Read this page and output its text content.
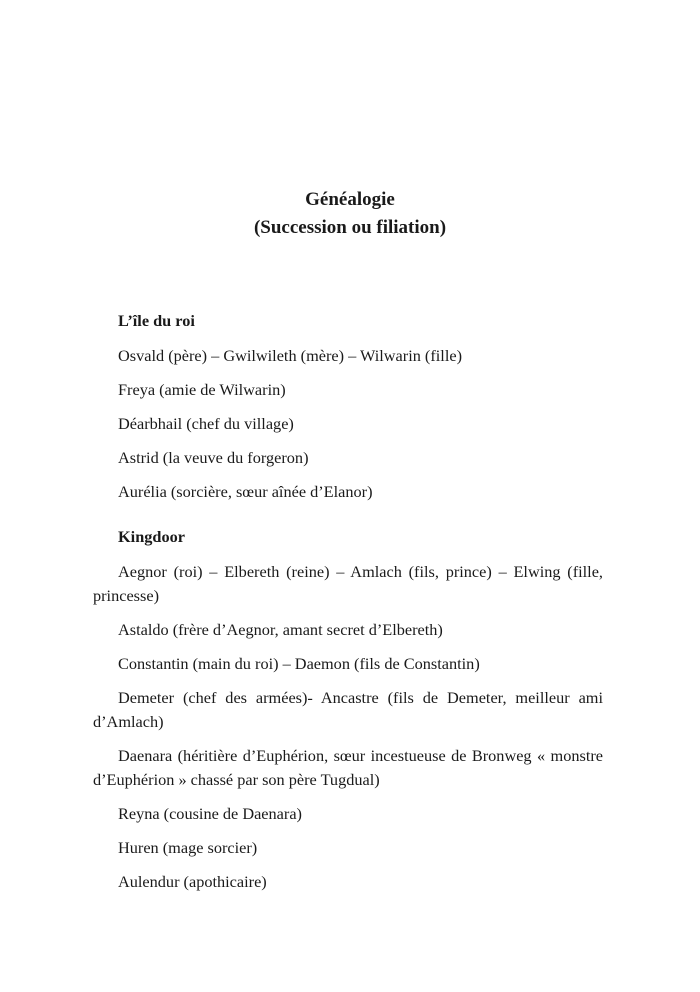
Généalogie
(Succession ou filiation)
L’île du roi

Osvald (père) – Gwilwileth (mère) – Wilwarin (fille)

Freya (amie de Wilwarin)

Déarbhail (chef du village)

Astrid (la veuve du forgeron)

Aurélia (sorcière, sœur aînée d’Elanor)

Kingdoor

Aegnor (roi) – Elbereth (reine) – Amlach (fils, prince) – Elwing (fille, princesse)

Astaldo (frère d’Aegnor, amant secret d’Elbereth)

Constantin (main du roi) – Daemon (fils de Constantin)

Demeter (chef des armées)- Ancastre (fils de Demeter, meilleur ami d’Amlach)

Daenara (héritière d’Euphérion, sœur incestueuse de Bronweg « monstre d’Euphérion » chassé par son père Tugdual)

Reyna (cousine de Daenara)

Huren (mage sorcier)

Aulendur (apothicaire)
